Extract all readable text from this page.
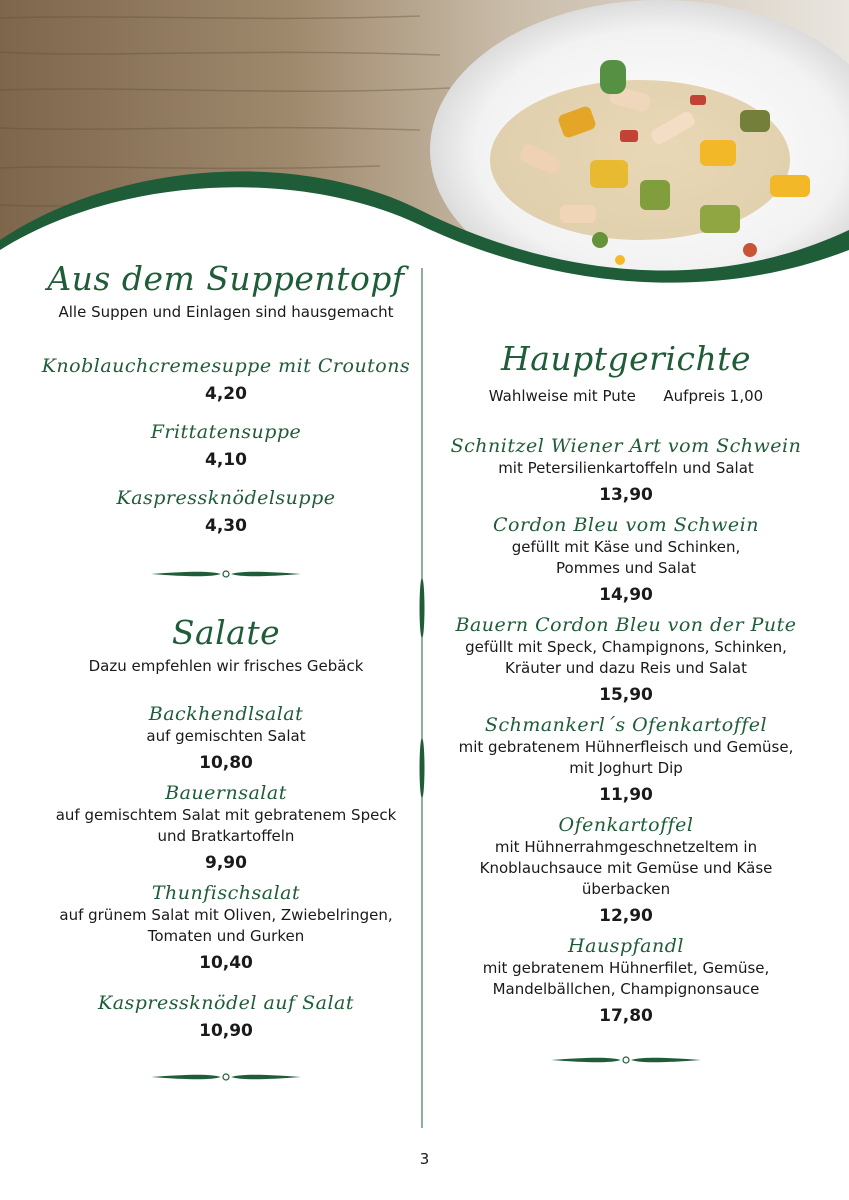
Aus dem Suppentopf

Alle Suppen und Einlagen sind hausgemacht

Knoblauchcremesuppe mit Croutons
4,20
Frittatensuppe
4,10
Kaspressknödelsuppe
4,30
Salate

Dazu empfehlen wir frisches Gebäck

Backhendlsalat
auf gemischten Salat
10,80
Bauernsalat
auf gemischtem Salat mit gebratenem Speck
und Bratkartoffeln
9,90
Thunfischsalat
auf grünem Salat mit Oliven, Zwiebelringen,
Tomaten und Gurken
10,40
Kaspressknödel auf Salat
10,90
Hauptgerichte

Wahlweise mit Pute Aufpreis 1,00

Schnitzel Wiener Art vom Schwein
mit Petersilienkartoffeln und Salat
13,90
Cordon Bleu vom Schwein
gefüllt mit Käse und Schinken,
Pommes und Salat
14,90
Bauern Cordon Bleu von der Pute
gefüllt mit Speck, Champignons, Schinken,
Kräuter und dazu Reis und Salat
15,90
Schmankerl´s Ofenkartoffel
mit gebratenem Hühnerfleisch und Gemüse,
mit Joghurt Dip
11,90
Ofenkartoffel
mit Hühnerrahmgeschnetzeltem in
Knoblauchsauce mit Gemüse und Käse
überbacken
12,90
Hauspfandl
mit gebratenem Hühnerfilet, Gemüse,
Mandelbällchen, Champignonsauce
17,80
3
